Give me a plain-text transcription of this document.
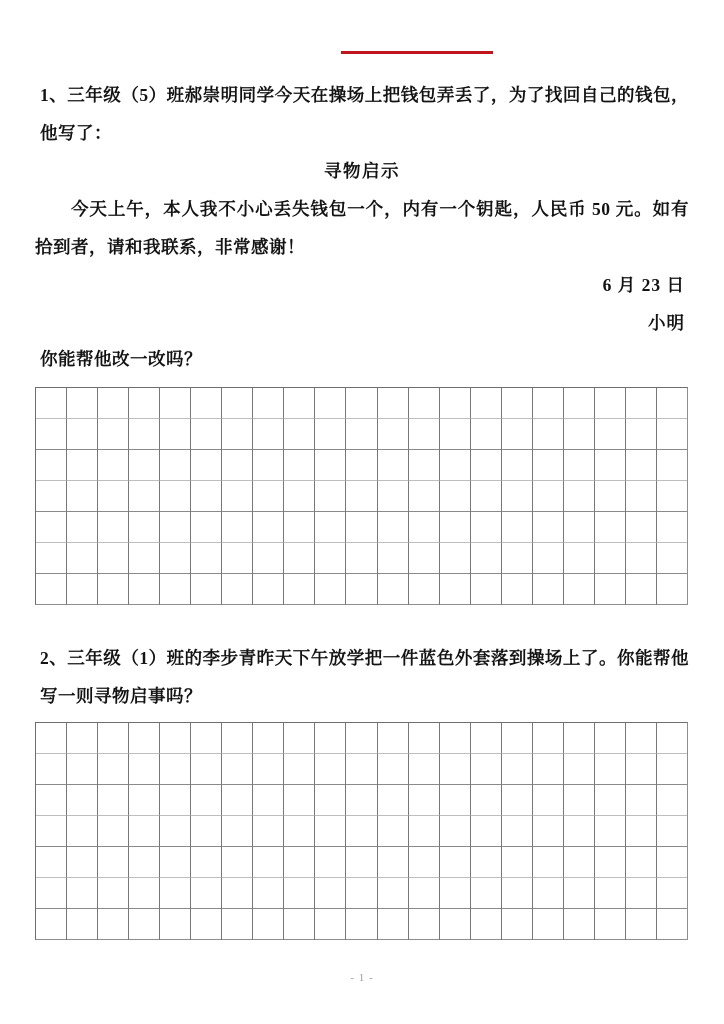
1、三年级（5）班郝崇明同学今天在操场上把钱包弄丢了，为了找回自己的钱包，他写了：

寻物启示

今天上午，本人我不小心丢失钱包一个，内有一个钥匙，人民币 50 元。如有拾到者，请和我联系，非常感谢！

6 月 23 日

小明

你能帮他改一改吗？

2、三年级（1）班的李步青昨天下午放学把一件蓝色外套落到操场上了。你能帮他写一则寻物启事吗？

- 1 -
